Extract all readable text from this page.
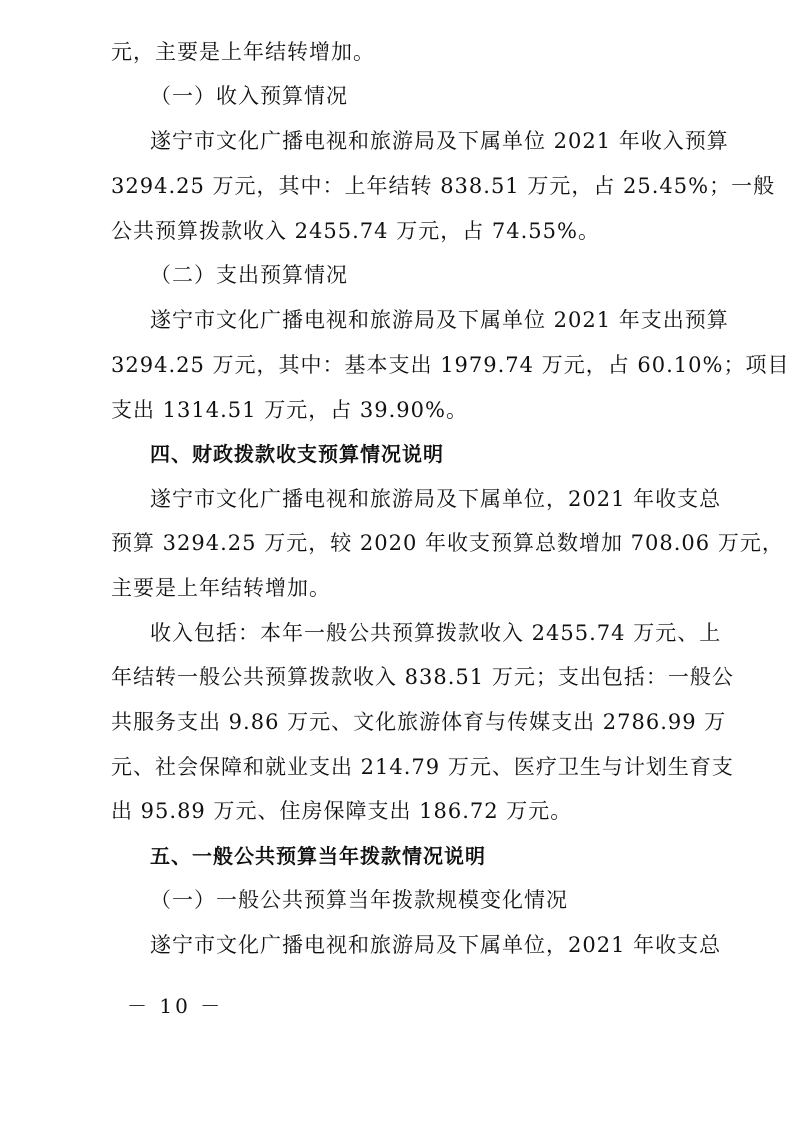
元，主要是上年结转增加。
（一）收入预算情况
遂宁市文化广播电视和旅游局及下属单位 2021 年收入预算
3294.25 万元，其中：上年结转 838.51 万元，占 25.45%；一般
公共预算拨款收入 2455.74 万元，占 74.55%。
（二）支出预算情况
遂宁市文化广播电视和旅游局及下属单位 2021 年支出预算
3294.25 万元，其中：基本支出 1979.74 万元，占 60.10%；项目
支出 1314.51 万元，占 39.90%。
四、财政拨款收支预算情况说明
遂宁市文化广播电视和旅游局及下属单位，2021 年收支总
预算 3294.25 万元，较 2020 年收支预算总数增加 708.06 万元，
主要是上年结转增加。
收入包括：本年一般公共预算拨款收入 2455.74 万元、上
年结转一般公共预算拨款收入 838.51 万元；支出包括：一般公
共服务支出 9.86 万元、文化旅游体育与传媒支出 2786.99 万
元、社会保障和就业支出 214.79 万元、医疗卫生与计划生育支
出 95.89 万元、住房保障支出 186.72 万元。
五、一般公共预算当年拨款情况说明
（一）一般公共预算当年拨款规模变化情况
遂宁市文化广播电视和旅游局及下属单位，2021 年收支总
－ 10 －
